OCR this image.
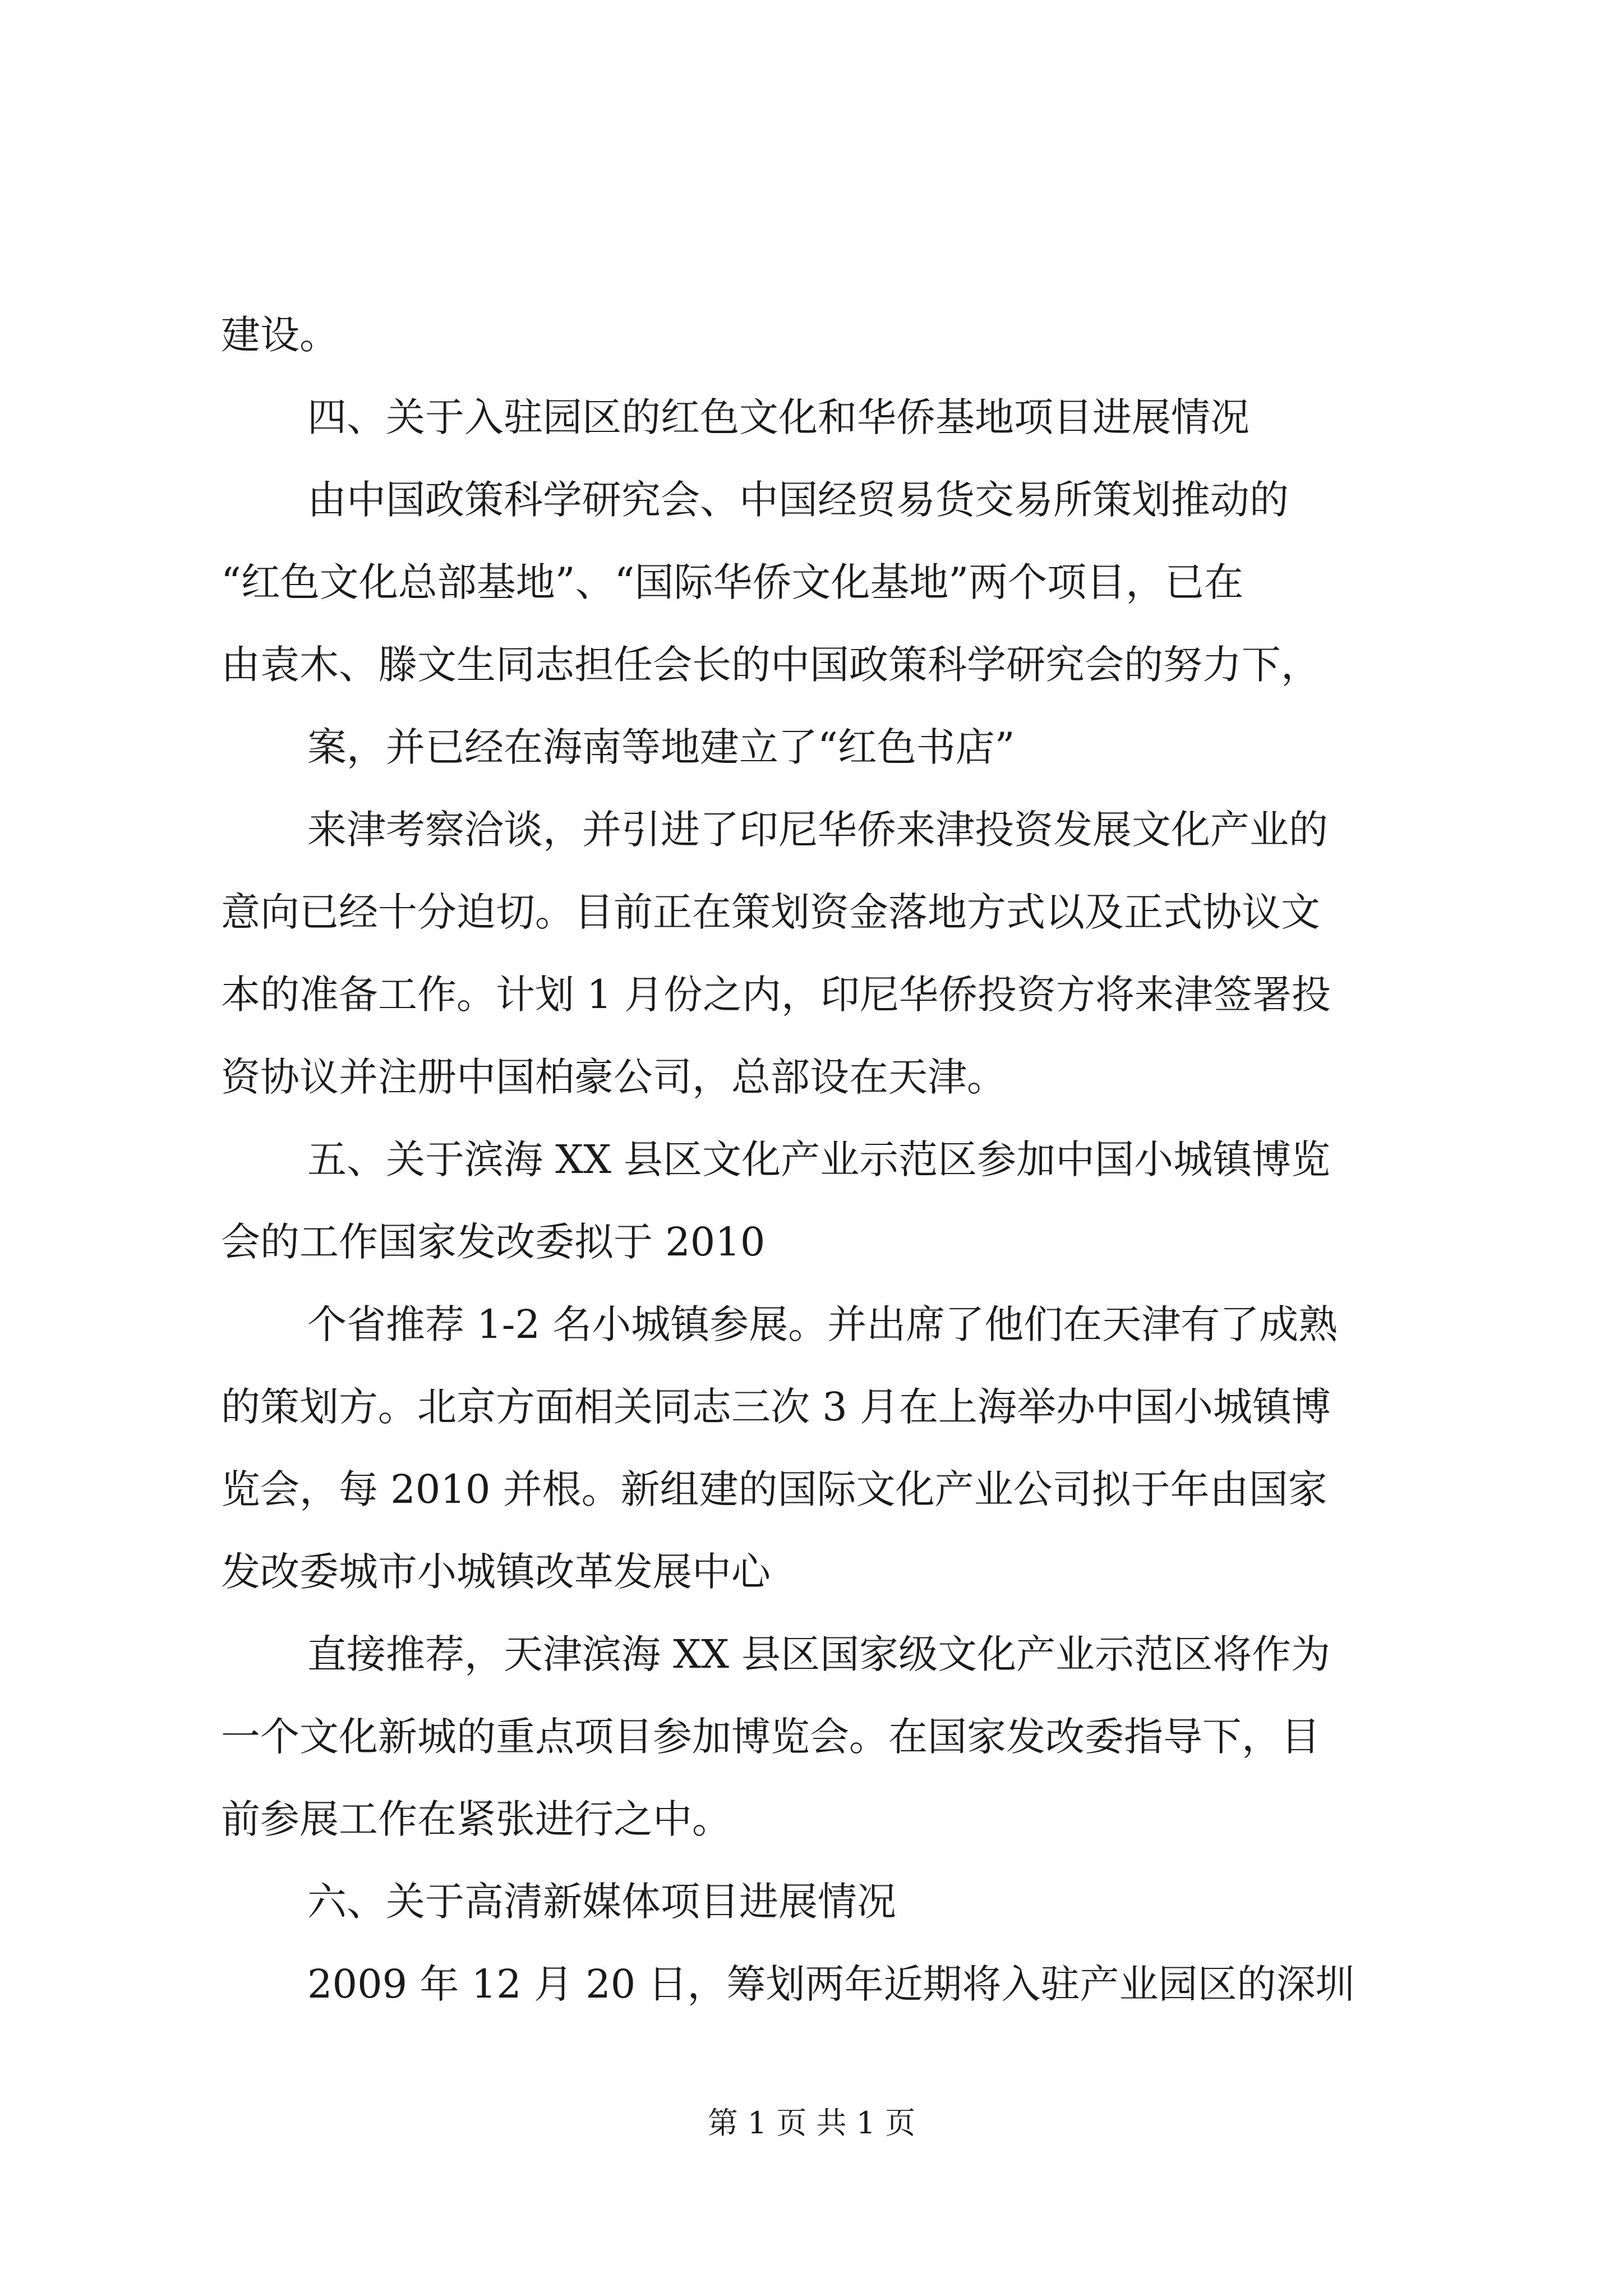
建设。
四、关于入驻园区的红色文化和华侨基地项目进展情况
由中国政策科学研究会、中国经贸易货交易所策划推动的
“红色文化总部基地”、“国际华侨文化基地”两个项目，已在
由袁木、滕文生同志担任会长的中国政策科学研究会的努力下，
案，并已经在海南等地建立了“红色书店”
来津考察洽谈，并引进了印尼华侨来津投资发展文化产业的
意向已经十分迫切。目前正在策划资金落地方式以及正式协议文
本的准备工作。计划 1 月份之内，印尼华侨投资方将来津签署投
资协议并注册中国柏豪公司，总部设在天津。
五、关于滨海 XX 县区文化产业示范区参加中国小城镇博览
会的工作国家发改委拟于 2010
个省推荐 1-2 名小城镇参展。并出席了他们在天津有了成熟
的策划方。北京方面相关同志三次 3 月在上海举办中国小城镇博
览会，每 2010 并根。新组建的国际文化产业公司拟于年由国家
发改委城市小城镇改革发展中心
直接推荐，天津滨海 XX 县区国家级文化产业示范区将作为
一个文化新城的重点项目参加博览会。在国家发改委指导下，目
前参展工作在紧张进行之中。
六、关于高清新媒体项目进展情况
2009 年 12 月 20 日，筹划两年近期将入驻产业园区的深圳
第 1 页 共 1 页
